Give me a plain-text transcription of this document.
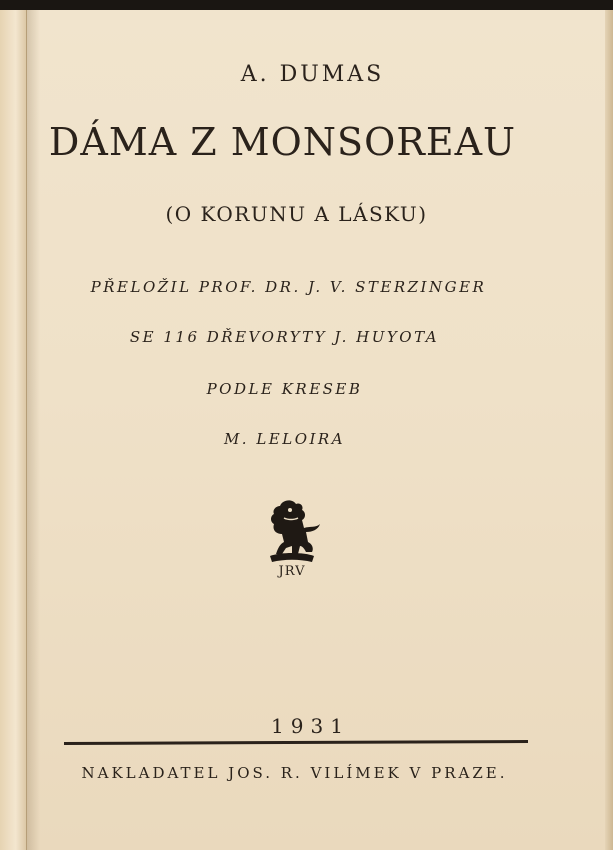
A. DUMAS

DÁMA Z MONSOREAU

(O KORUNU A LÁSKU)

PŘELOŽIL PROF. DR. J. V. STERZINGER

SE 116 DŘEVORYTY J. HUYOTA

PODLE KRESEB

M. LELOIRA

JRV

1931

NAKLADATEL JOS. R. VILÍMEK V PRAZE.
